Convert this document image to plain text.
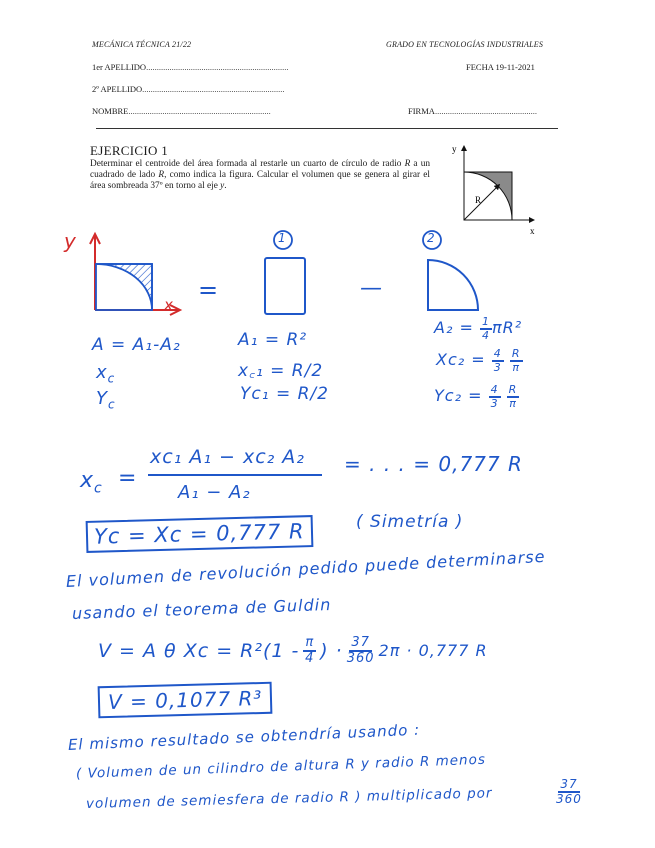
MECÁNICA TÉCNICA 21/22	GRADO EN TECNOLOGÍAS INDUSTRIALES
1er APELLIDO...................................................................	FECHA 19-11-2021
2º APELLIDO...................................................................
NOMBRE...................................................................	FIRMA................................................
EJERCICIO 1
Determinar el centroide del área formada al restarle un cuarto de círculo de radio R a un cuadrado de lado R, como indica la figura. Calcular el volumen que se genera al girar el área sombreada 37º en torno al eje y.
R
y
x
y
x
1	2
=	—
A = A₁-A₂
$x_c$
$Y_c$
A₁ = R²
x꜀₁ = R/2
Yc₁ = R/2
$A_2 = \frac{1}{4} \pi R^2$
$Xc_2 = \frac{4}{3}$
$\frac{R}{\pi}$
$Yc_2 = \frac{4}{3}$
$\frac{R}{\pi}$
$x_c$ =
xc₁ A₁ − xc₂ A₂
A₁ − A₂
= . . . = 0,777 R
Yc = Xc = 0,777 R	( Simetría )
El volumen de revolución pedido puede determinarse
usando el teorema de Guldin
V = A θ $Xc = R^2(1 - \frac{\pi}{4}$ ) · $\frac{37}{360} 2\pi \cdot 0,777$ R
V = 0,1077 R³
El mismo resultado se obtendría usando :
( Volumen de un cilindro de altura R y radio R menos
volumen de semiesfera de radio R ) multiplicado por	$\frac{37}{360}$
